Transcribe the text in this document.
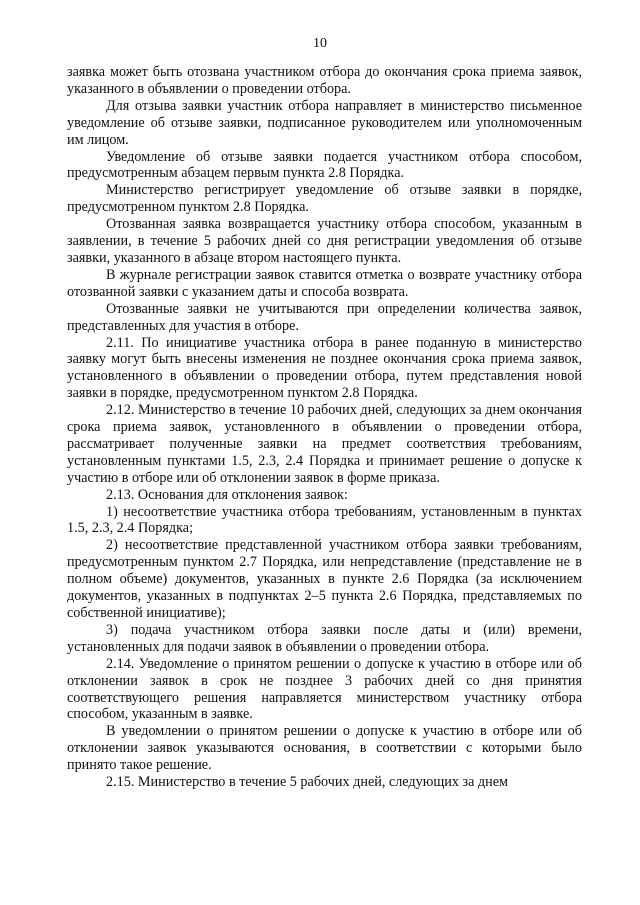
10

заявка может быть отозвана участником отбора до окончания срока приема заявок, указанного в объявлении о проведении отбора.

Для отзыва заявки участник отбора направляет в министерство письменное уведомление об отзыве заявки, подписанное руководителем или уполномоченным им лицом.

Уведомление об отзыве заявки подается участником отбора способом, предусмотренным абзацем первым пункта 2.8 Порядка.

Министерство регистрирует уведомление об отзыве заявки в порядке, предусмотренном пунктом 2.8 Порядка.

Отозванная заявка возвращается участнику отбора способом, указанным в заявлении, в течение 5 рабочих дней со дня регистрации уведомления об отзыве заявки, указанного в абзаце втором настоящего пункта.

В журнале регистрации заявок ставится отметка о возврате участнику отбора отозванной заявки с указанием даты и способа возврата.

Отозванные заявки не учитываются при определении количества заявок, представленных для участия в отборе.

2.11. По инициативе участника отбора в ранее поданную в министерство заявку могут быть внесены изменения не позднее окончания срока приема заявок, установленного в объявлении о проведении отбора, путем представления новой заявки в порядке, предусмотренном пунктом 2.8 Порядка.

2.12. Министерство в течение 10 рабочих дней, следующих за днем окончания срока приема заявок, установленного в объявлении о проведении отбора, рассматривает полученные заявки на предмет соответствия требованиям, установленным пунктами 1.5, 2.3, 2.4 Порядка и принимает решение о допуске к участию в отборе или об отклонении заявок в форме приказа.

2.13. Основания для отклонения заявок:

1) несоответствие участника отбора требованиям, установленным в пунктах 1.5, 2.3, 2.4 Порядка;

2) несоответствие представленной участником отбора заявки требованиям, предусмотренным пунктом 2.7 Порядка, или непредставление (представление не в полном объеме) документов, указанных в пункте 2.6 Порядка (за исключением документов, указанных в подпунктах 2–5 пункта 2.6 Порядка, представляемых по собственной инициативе);

3) подача участником отбора заявки после даты и (или) времени, установленных для подачи заявок в объявлении о проведении отбора.

2.14. Уведомление о принятом решении о допуске к участию в отборе или об отклонении заявок в срок не позднее 3 рабочих дней со дня принятия соответствующего решения направляется министерством участнику отбора способом, указанным в заявке.

В уведомлении о принятом решении о допуске к участию в отборе или об отклонении заявок указываются основания, в соответствии с которыми было принято такое решение.

2.15. Министерство в течение 5 рабочих дней, следующих за днем
